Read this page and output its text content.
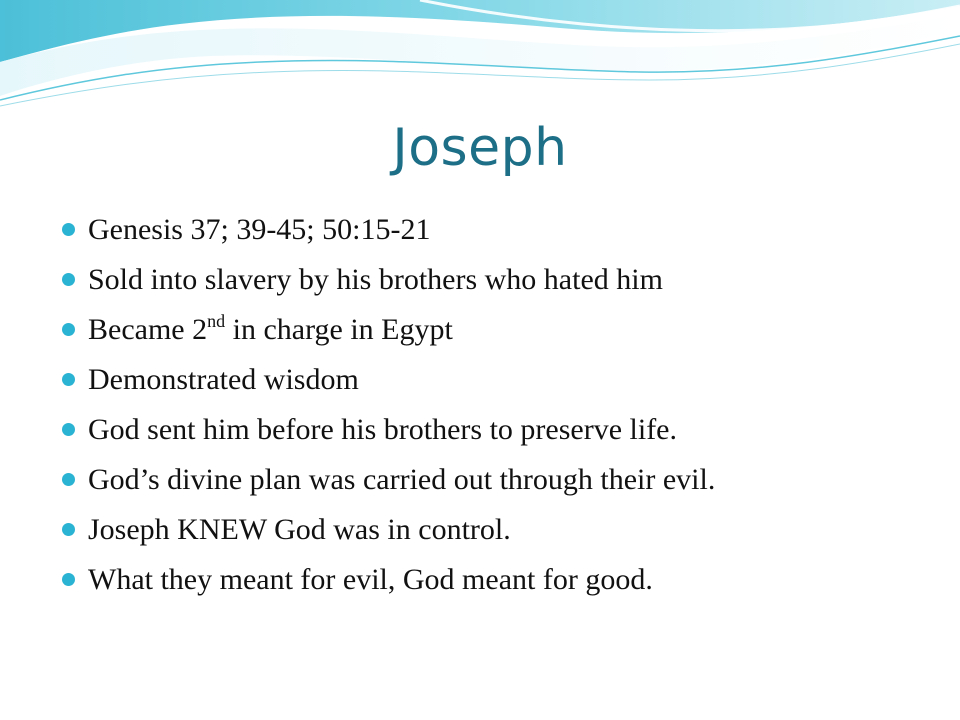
Joseph
Genesis 37; 39-45; 50:15-21
Sold into slavery by his brothers who hated him
Became 2nd in charge in Egypt
Demonstrated wisdom
God sent him before his brothers to preserve life.
God’s divine plan was carried out through their evil.
Joseph KNEW God was in control.
What they meant for evil, God meant for good.
